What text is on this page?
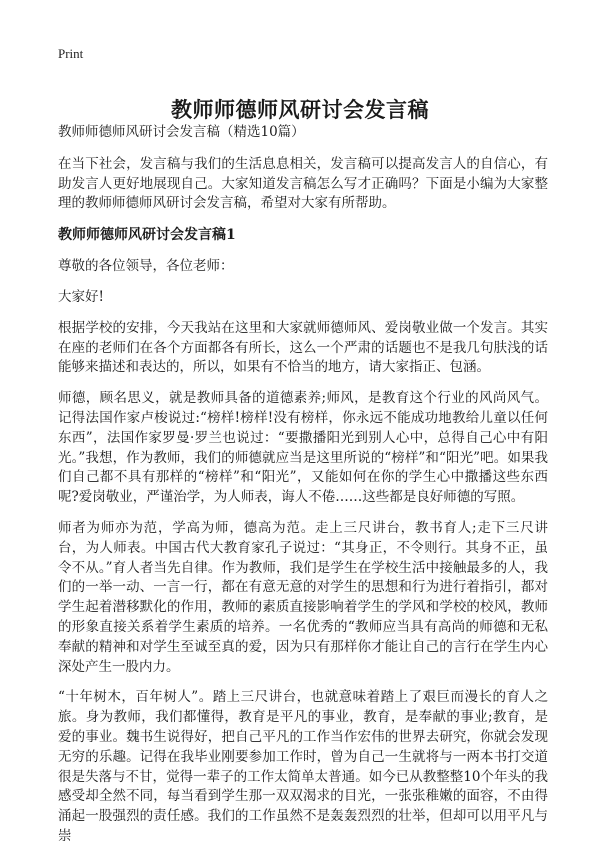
Print
教师师德师风研讨会发言稿

教师师德师风研讨会发言稿（精选10篇）

在当下社会，发言稿与我们的生活息息相关，发言稿可以提高发言人的自信心，有助发言人更好地展现自己。大家知道发言稿怎么写才正确吗？下面是小编为大家整理的教师师德师风研讨会发言稿，希望对大家有所帮助。

教师师德师风研讨会发言稿1

尊敬的各位领导，各位老师：

大家好!

根据学校的安排，今天我站在这里和大家就师德师风、爱岗敬业做一个发言。其实在座的老师们在各个方面都各有所长，这么一个严肃的话题也不是我几句肤浅的话能够来描述和表达的，所以，如果有不恰当的地方，请大家指正、包涵。

师德，顾名思义，就是教师具备的道德素养;师风，是教育这个行业的风尚风气。记得法国作家卢梭说过:“榜样!榜样!没有榜样，你永远不能成功地教给儿童以任何东西”，法国作家罗曼·罗兰也说过：“要撒播阳光到别人心中，总得自己心中有阳光。”我想，作为教师，我们的师德就应当是这里所说的“榜样”和“阳光”吧。如果我们自己都不具有那样的“榜样”和“阳光”，又能如何在你的学生心中撒播这些东西呢?爱岗敬业，严谨治学，为人师表，诲人不倦……这些都是良好师德的写照。

师者为师亦为范，学高为师，德高为范。走上三尺讲台，教书育人;走下三尺讲台，为人师表。中国古代大教育家孔子说过：“其身正，不令则行。其身不正，虽令不从。”育人者当先自律。作为教师，我们是学生在学校生活中接触最多的人，我们的一举一动、一言一行，都在有意无意的对学生的思想和行为进行着指引，都对学生起着潜移默化的作用，教师的素质直接影响着学生的学风和学校的校风，教师的形象直接关系着学生素质的培养。一名优秀的“教师应当具有高尚的师德和无私奉献的精神和对学生至诚至真的爱，因为只有那样你才能让自己的言行在学生内心深处产生一股内力。

“十年树木，百年树人”。踏上三尺讲台，也就意味着踏上了艰巨而漫长的育人之旅。身为教师，我们都懂得，教育是平凡的事业，教育，是奉献的事业;教育，是爱的事业。魏书生说得好，把自己平凡的工作当作宏伟的世界去研究，你就会发现无穷的乐趣。记得在我毕业刚要参加工作时，曾为自己一生就将与一两本书打交道很是失落与不甘，觉得一辈子的工作太简单太普通。如今已从教整整10个年头的我感受却全然不同，每当看到学生那一双双渴求的目光，一张张稚嫩的面容，不由得涌起一股强烈的责任感。我们的工作虽然不是轰轰烈烈的壮举，但却可以用平凡与崇
